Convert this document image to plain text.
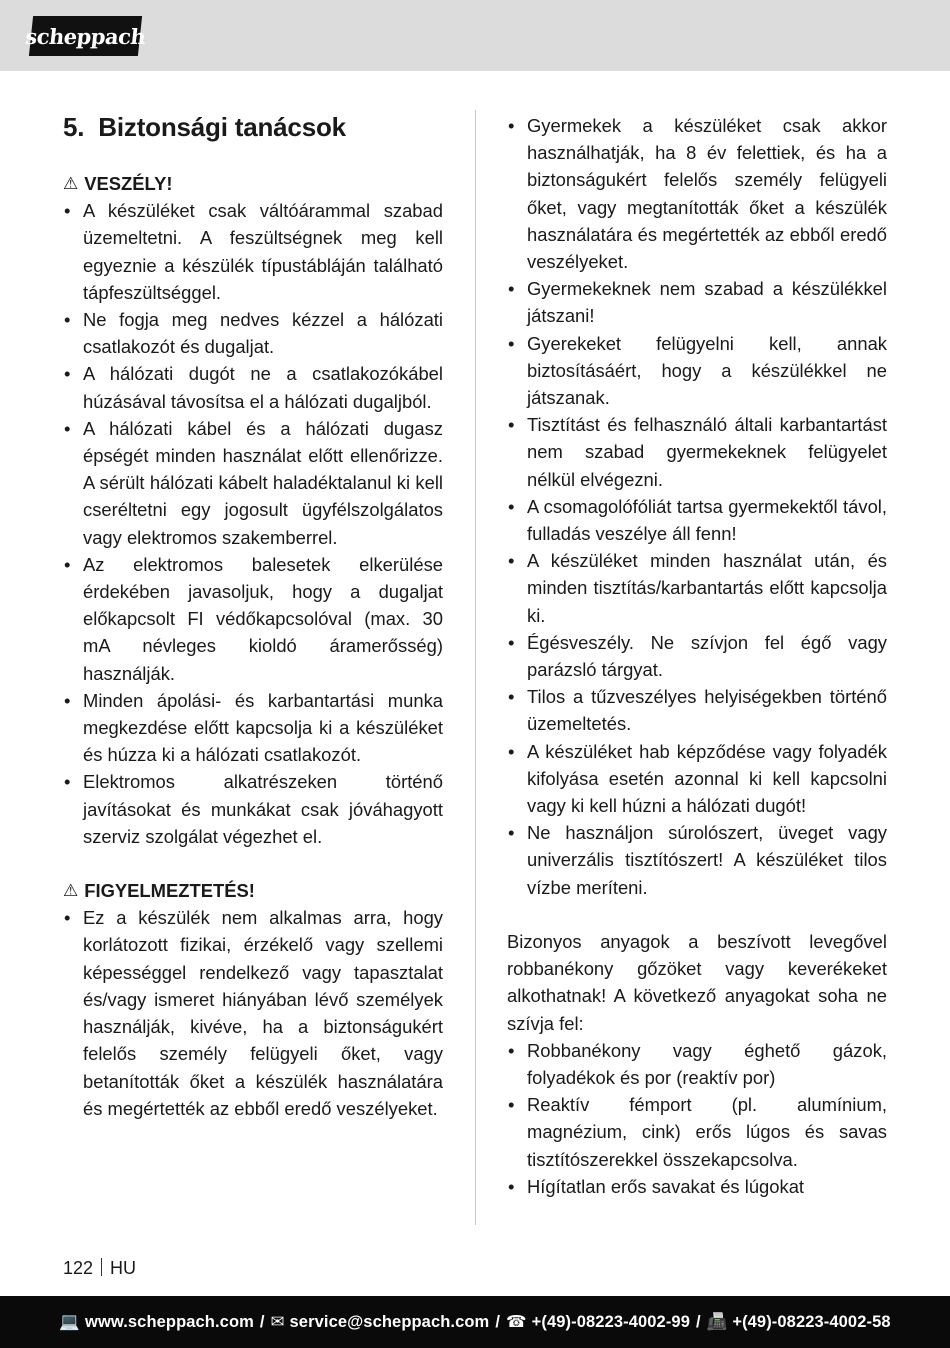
scheppach
5. Biztonsági tanácsok

⚠ VESZÉLY!

• A készüléket csak váltóárammal szabad üzemeltetni. A feszültségnek meg kell egyeznie a készülék típustábláján található tápfeszültséggel.
• Ne fogja meg nedves kézzel a hálózati csatlakozót és dugaljat.
• A hálózati dugót ne a csatlakozókábel húzásával távosítsa el a hálózati dugaljból.
• A hálózati kábel és a hálózati dugasz épségét minden használat előtt ellenőrizze. A sérült hálózati kábelt haladéktalanul ki kell cseréltetni egy jogosult ügyfélszolgálatos vagy elektromos szakemberrel.
• Az elektromos balesetek elkerülése érdekében javasoljuk, hogy a dugaljat előkapcsolt FI védőkapcsolóval (max. 30 mA névleges kioldó áramerősség) használják.
• Minden ápolási- és karbantartási munka megkezdése előtt kapcsolja ki a készüléket és húzza ki a hálózati csatlakozót.
• Elektromos alkatrészeken történő javításokat és munkákat csak jóváhagyott szerviz szolgálat végezhet el.

⚠ FIGYELMEZTETÉS!

• Ez a készülék nem alkalmas arra, hogy korlátozott fizikai, érzékelő vagy szellemi képességgel rendelkező vagy tapasztalat és/vagy ismeret hiányában lévő személyek használják, kivéve, ha a biztonságukért felelős személy felügyeli őket, vagy betanították őket a készülék használatára és megértették az ebből eredő veszélyeket.
• Gyermekek a készüléket csak akkor használhatják, ha 8 év felettiek, és ha a biztonságukért felelős személy felügyeli őket, vagy megtanították őket a készülék használatára és megértették az ebből eredő veszélyeket.
• Gyermekeknek nem szabad a készülékkel játszani!
• Gyerekeket felügyelni kell, annak biztosításáért, hogy a készülékkel ne játszanak.
• Tisztítást és felhasználó általi karbantartást nem szabad gyermekeknek felügyelet nélkül elvégezni.
• A csomagolófóliát tartsa gyermekektől távol, fulladás veszélye áll fenn!
• A készüléket minden használat után, és minden tisztítás/karbantartás előtt kapcsolja ki.
• Égésveszély. Ne szívjon fel égő vagy parázsló tárgyat.
• Tilos a tűzveszélyes helyiségekben történő üzemeltetés.
• A készüléket hab képződése vagy folyadék kifolyása esetén azonnal ki kell kapcsolni vagy ki kell húzni a hálózati dugót!
• Ne használjon súrolószert, üveget vagy univerzális tisztítószert! A készüléket tilos vízbe meríteni.

Bizonyos anyagok a beszívott levegővel robbanékony gőzöket vagy keverékeket alkothatnak! A következő anyagokat soha ne szívja fel:

• Robbanékony vagy éghető gázok, folyadékok és por (reaktív por)
• Reaktív fémport (pl. alumínium, magnézium, cink) erős lúgos és savas tisztítószerekkel összekapcsolva.
• Hígítatlan erős savakat és lúgokat
122 HU
💻 www.scheppach.com / ✉ service@scheppach.com / ☎ +(49)-08223-4002-99 / 📠 +(49)-08223-4002-58
